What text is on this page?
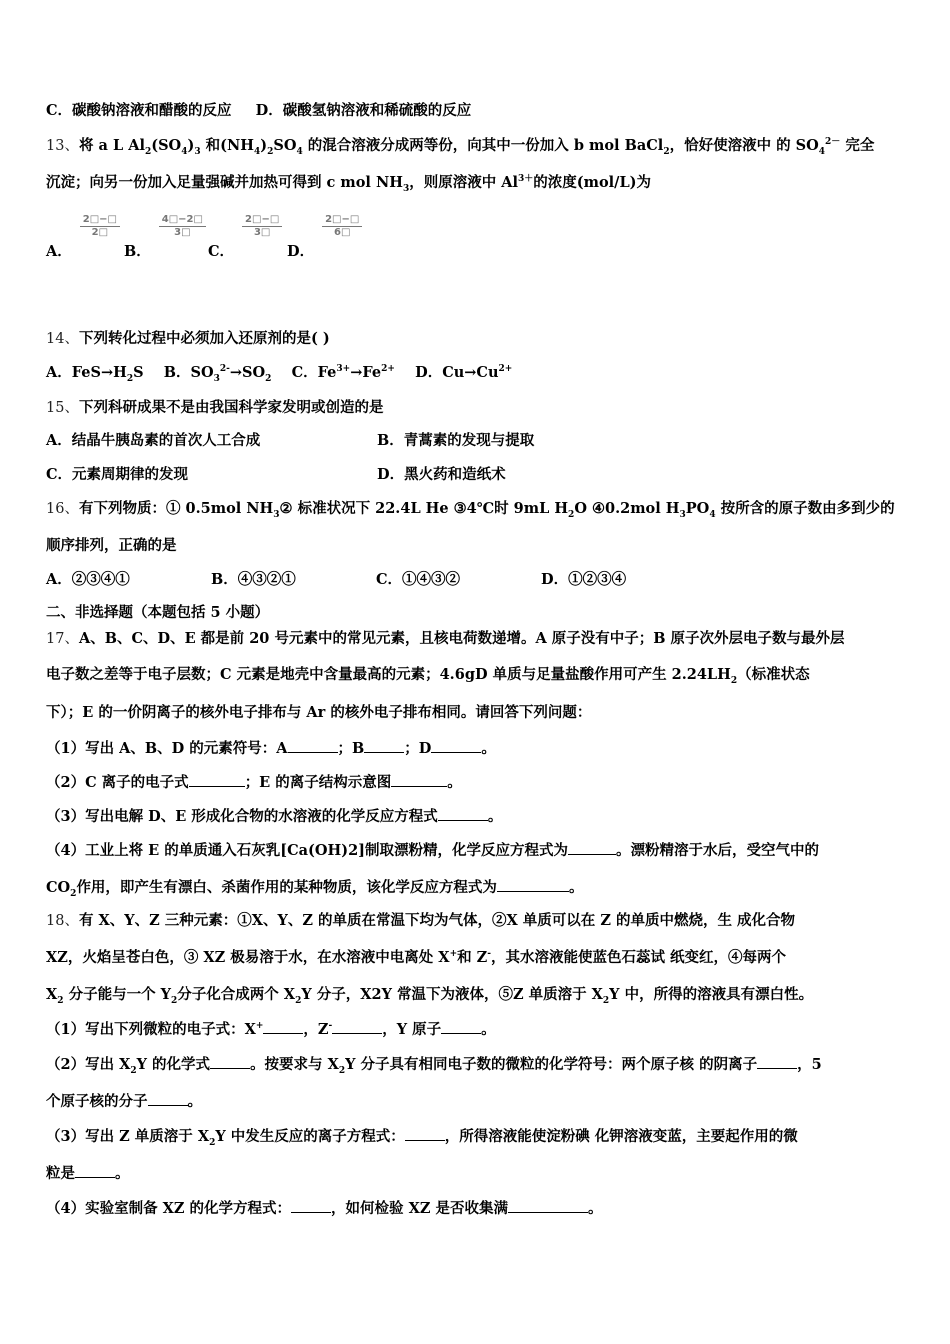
C．碳酸钠溶液和醋酸的反应 D．碳酸氢钠溶液和稀硫酸的反应
13、将 a L $Al_2(SO_4)_3$ 和$(NH_4)_2SO_4$ 的混合溶液分成两等份，向其中一份加入 b mol BaCl$_2$，恰好使溶液中 的 $SO_4^{2-}$ 完全
沉淀；向另一份加入足量强碱并加热可得到 c mol $NH_3$，则原溶液中 $Al^{3+}$的浓度(mol/L)为
A．
$\frac{2□-□}{2□}$
B．
$\frac{4□-2□}{3□}$
C．
$\frac{2□-□}{3□}$
D．
$\frac{2□-□}{6□}$
14、下列转化过程中必须加入还原剂的是( )
A．$FeS\to H_2S$ B．$SO_3^{2-}\to SO_2$ C．$Fe^{3+}\to Fe^{2+}$ D．$Cu\to Cu^{2+}$
15、下列科研成果不是由我国科学家发明或创造的是
A．结晶牛胰岛素的首次人工合成	B．青蒿素的发现与提取
C．元素周期律的发现	D．黑火药和造纸术
16、有下列物质：① 0.5mol $NH_3②$ 标准状况下 22.4L He ③4℃时 9mL $H_2O$ ④0.2mol $H_3PO_4$ 按所含的原子数由多到少的
顺序排列，正确的是
A．②③④①	B．④③②①	C．①④③②	D．①②③④
二、非选择题（本题包括 5 小题）
17、A、B、C、D、E 都是前 20 号元素中的常见元素，且核电荷数递增。A 原子没有中子；B 原子次外层电子数与最外层
电子数之差等于电子层数；C 元素是地壳中含量最高的元素；4.6gD 单质与足量盐酸作用可产生 $2.24LH_2$（标准状态
下）；E 的一价阴离子的核外电子排布与 Ar 的核外电子排布相同。请回答下列问题：
（1）写出 A、B、D 的元素符号：A	；B	；D	。
（2）C 离子的电子式	；E 的离子结构示意图	。
（3）写出电解 D、E 形成化合物的水溶液的化学反应方程式	。
（4）工业上将 E 的单质通入石灰乳[Ca(OH)2]制取漂粉精，化学反应方程式为	。漂粉精溶于水后，受空气中的
$CO_2$作用，即产生有漂白、杀菌作用的某种物质，该化学反应方程式为	。
18、有 X、Y、Z 三种元素：①X、Y、Z 的单质在常温下均为气体，②X 单质可以在 Z 的单质中燃烧，生 成化合物
XZ，火焰呈苍白色，③ XZ 极易溶于水，在水溶液中电离处 X+和 Z-，其水溶液能使蓝色石蕊试 纸变红，④每两个
$X_2$ 分子能与一个 $Y_2$分子化合成两个 $X_2Y$ 分子，X2Y 常温下为液体，⑤Z 单质溶于 $X_2Y$ 中，所得的溶液具有漂白性。
（1）写出下列微粒的电子式：X+	，Z-	，Y 原子	。
（2）写出 $X_2Y$ 的化学式	。按要求与 $X_2Y$ 分子具有相同电子数的微粒的化学符号：两个原子核 的阴离子	，5
个原子核的分子	。
（3）写出 Z 单质溶于 $X_2Y$ 中发生反应的离子方程式：	，所得溶液能使淀粉碘 化钾溶液变蓝，主要起作用的微
粒是	。
（4）实验室制备 XZ 的化学方程式：	，如何检验 XZ 是否收集满	。
